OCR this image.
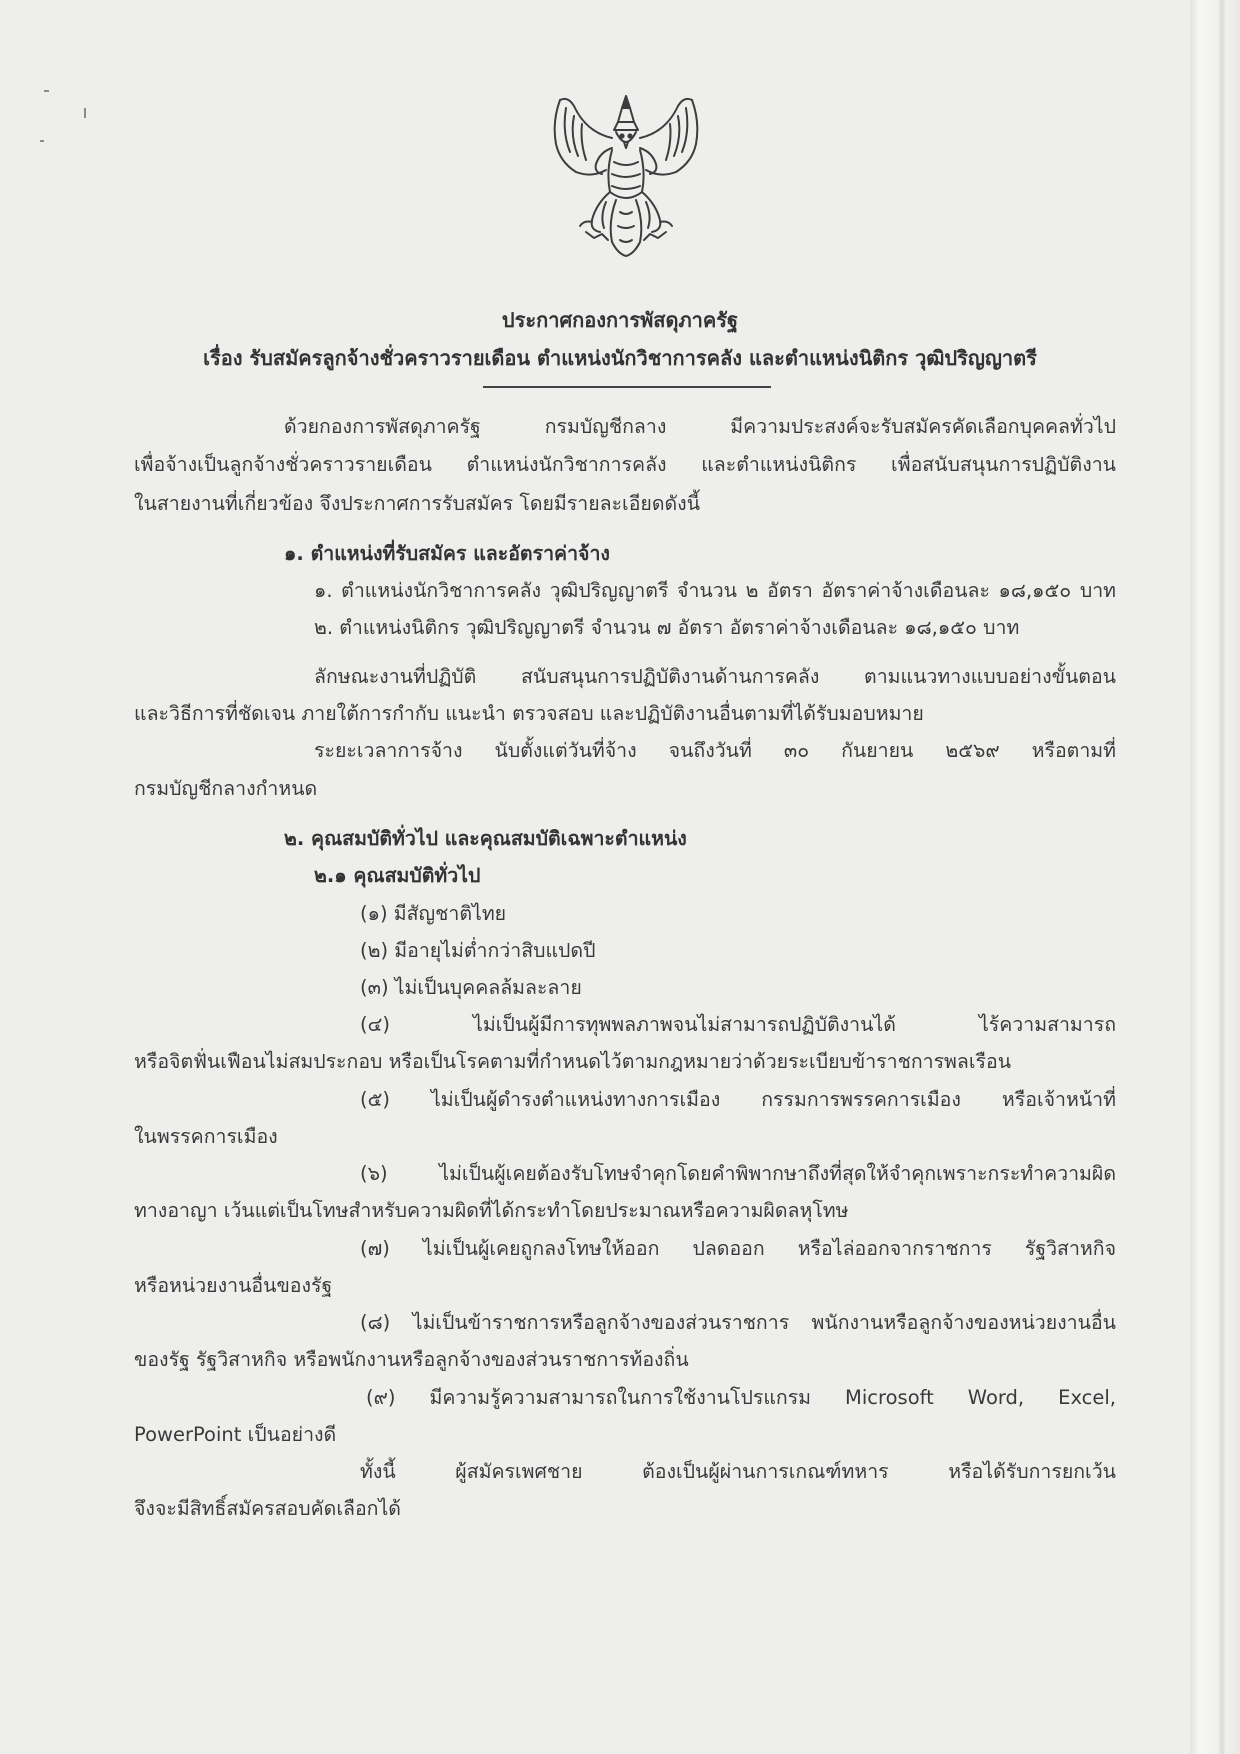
ประกาศกองการพัสดุภาครัฐ
เรื่อง รับสมัครลูกจ้างชั่วคราวรายเดือน ตำแหน่งนักวิชาการคลัง และตำแหน่งนิติกร วุฒิปริญญาตรี
ด้วยกองการพัสดุภาครัฐ กรมบัญชีกลาง มีความประสงค์จะรับสมัครคัดเลือกบุคคลทั่วไป
เพื่อจ้างเป็นลูกจ้างชั่วคราวรายเดือน ตำแหน่งนักวิชาการคลัง และตำแหน่งนิติกร เพื่อสนับสนุนการปฏิบัติงาน
ในสายงานที่เกี่ยวข้อง จึงประกาศการรับสมัคร โดยมีรายละเอียดดังนี้
๑. ตำแหน่งที่รับสมัคร และอัตราค่าจ้าง
๑. ตำแหน่งนักวิชาการคลัง วุฒิปริญญาตรี จำนวน ๒ อัตรา อัตราค่าจ้างเดือนละ ๑๘,๑๕๐ บาท
๒. ตำแหน่งนิติกร วุฒิปริญญาตรี จำนวน ๗ อัตรา อัตราค่าจ้างเดือนละ ๑๘,๑๕๐ บาท
ลักษณะงานที่ปฏิบัติ สนับสนุนการปฏิบัติงานด้านการคลัง ตามแนวทางแบบอย่างขั้นตอน
และวิธีการที่ชัดเจน ภายใต้การกำกับ แนะนำ ตรวจสอบ และปฏิบัติงานอื่นตามที่ได้รับมอบหมาย
ระยะเวลาการจ้าง นับตั้งแต่วันที่จ้าง จนถึงวันที่ ๓๐ กันยายน ๒๕๖๙ หรือตามที่
กรมบัญชีกลางกำหนด
๒. คุณสมบัติทั่วไป และคุณสมบัติเฉพาะตำแหน่ง
๒.๑ คุณสมบัติทั่วไป
(๑) มีสัญชาติไทย
(๒) มีอายุไม่ต่ำกว่าสิบแปดปี
(๓) ไม่เป็นบุคคลล้มละลาย
(๔) ไม่เป็นผู้มีการทุพพลภาพจนไม่สามารถปฏิบัติงานได้ ไร้ความสามารถ
หรือจิตฟั่นเฟือนไม่สมประกอบ หรือเป็นโรคตามที่กำหนดไว้ตามกฎหมายว่าด้วยระเบียบข้าราชการพลเรือน
(๕) ไม่เป็นผู้ดำรงตำแหน่งทางการเมือง กรรมการพรรคการเมือง หรือเจ้าหน้าที่
ในพรรคการเมือง
(๖) ไม่เป็นผู้เคยต้องรับโทษจำคุกโดยคำพิพากษาถึงที่สุดให้จำคุกเพราะกระทำความผิด
ทางอาญา เว้นแต่เป็นโทษสำหรับความผิดที่ได้กระทำโดยประมาณหรือความผิดลหุโทษ
(๗) ไม่เป็นผู้เคยถูกลงโทษให้ออก ปลดออก หรือไล่ออกจากราชการ รัฐวิสาหกิจ
หรือหน่วยงานอื่นของรัฐ
(๘) ไม่เป็นข้าราชการหรือลูกจ้างของส่วนราชการ พนักงานหรือลูกจ้างของหน่วยงานอื่น
ของรัฐ รัฐวิสาหกิจ หรือพนักงานหรือลูกจ้างของส่วนราชการท้องถิ่น
(๙) มีความรู้ความสามารถในการใช้งานโปรแกรม Microsoft Word, Excel,
PowerPoint เป็นอย่างดี
ทั้งนี้ ผู้สมัครเพศชาย ต้องเป็นผู้ผ่านการเกณฑ์ทหาร หรือได้รับการยกเว้น
จึงจะมีสิทธิ์สมัครสอบคัดเลือกได้
